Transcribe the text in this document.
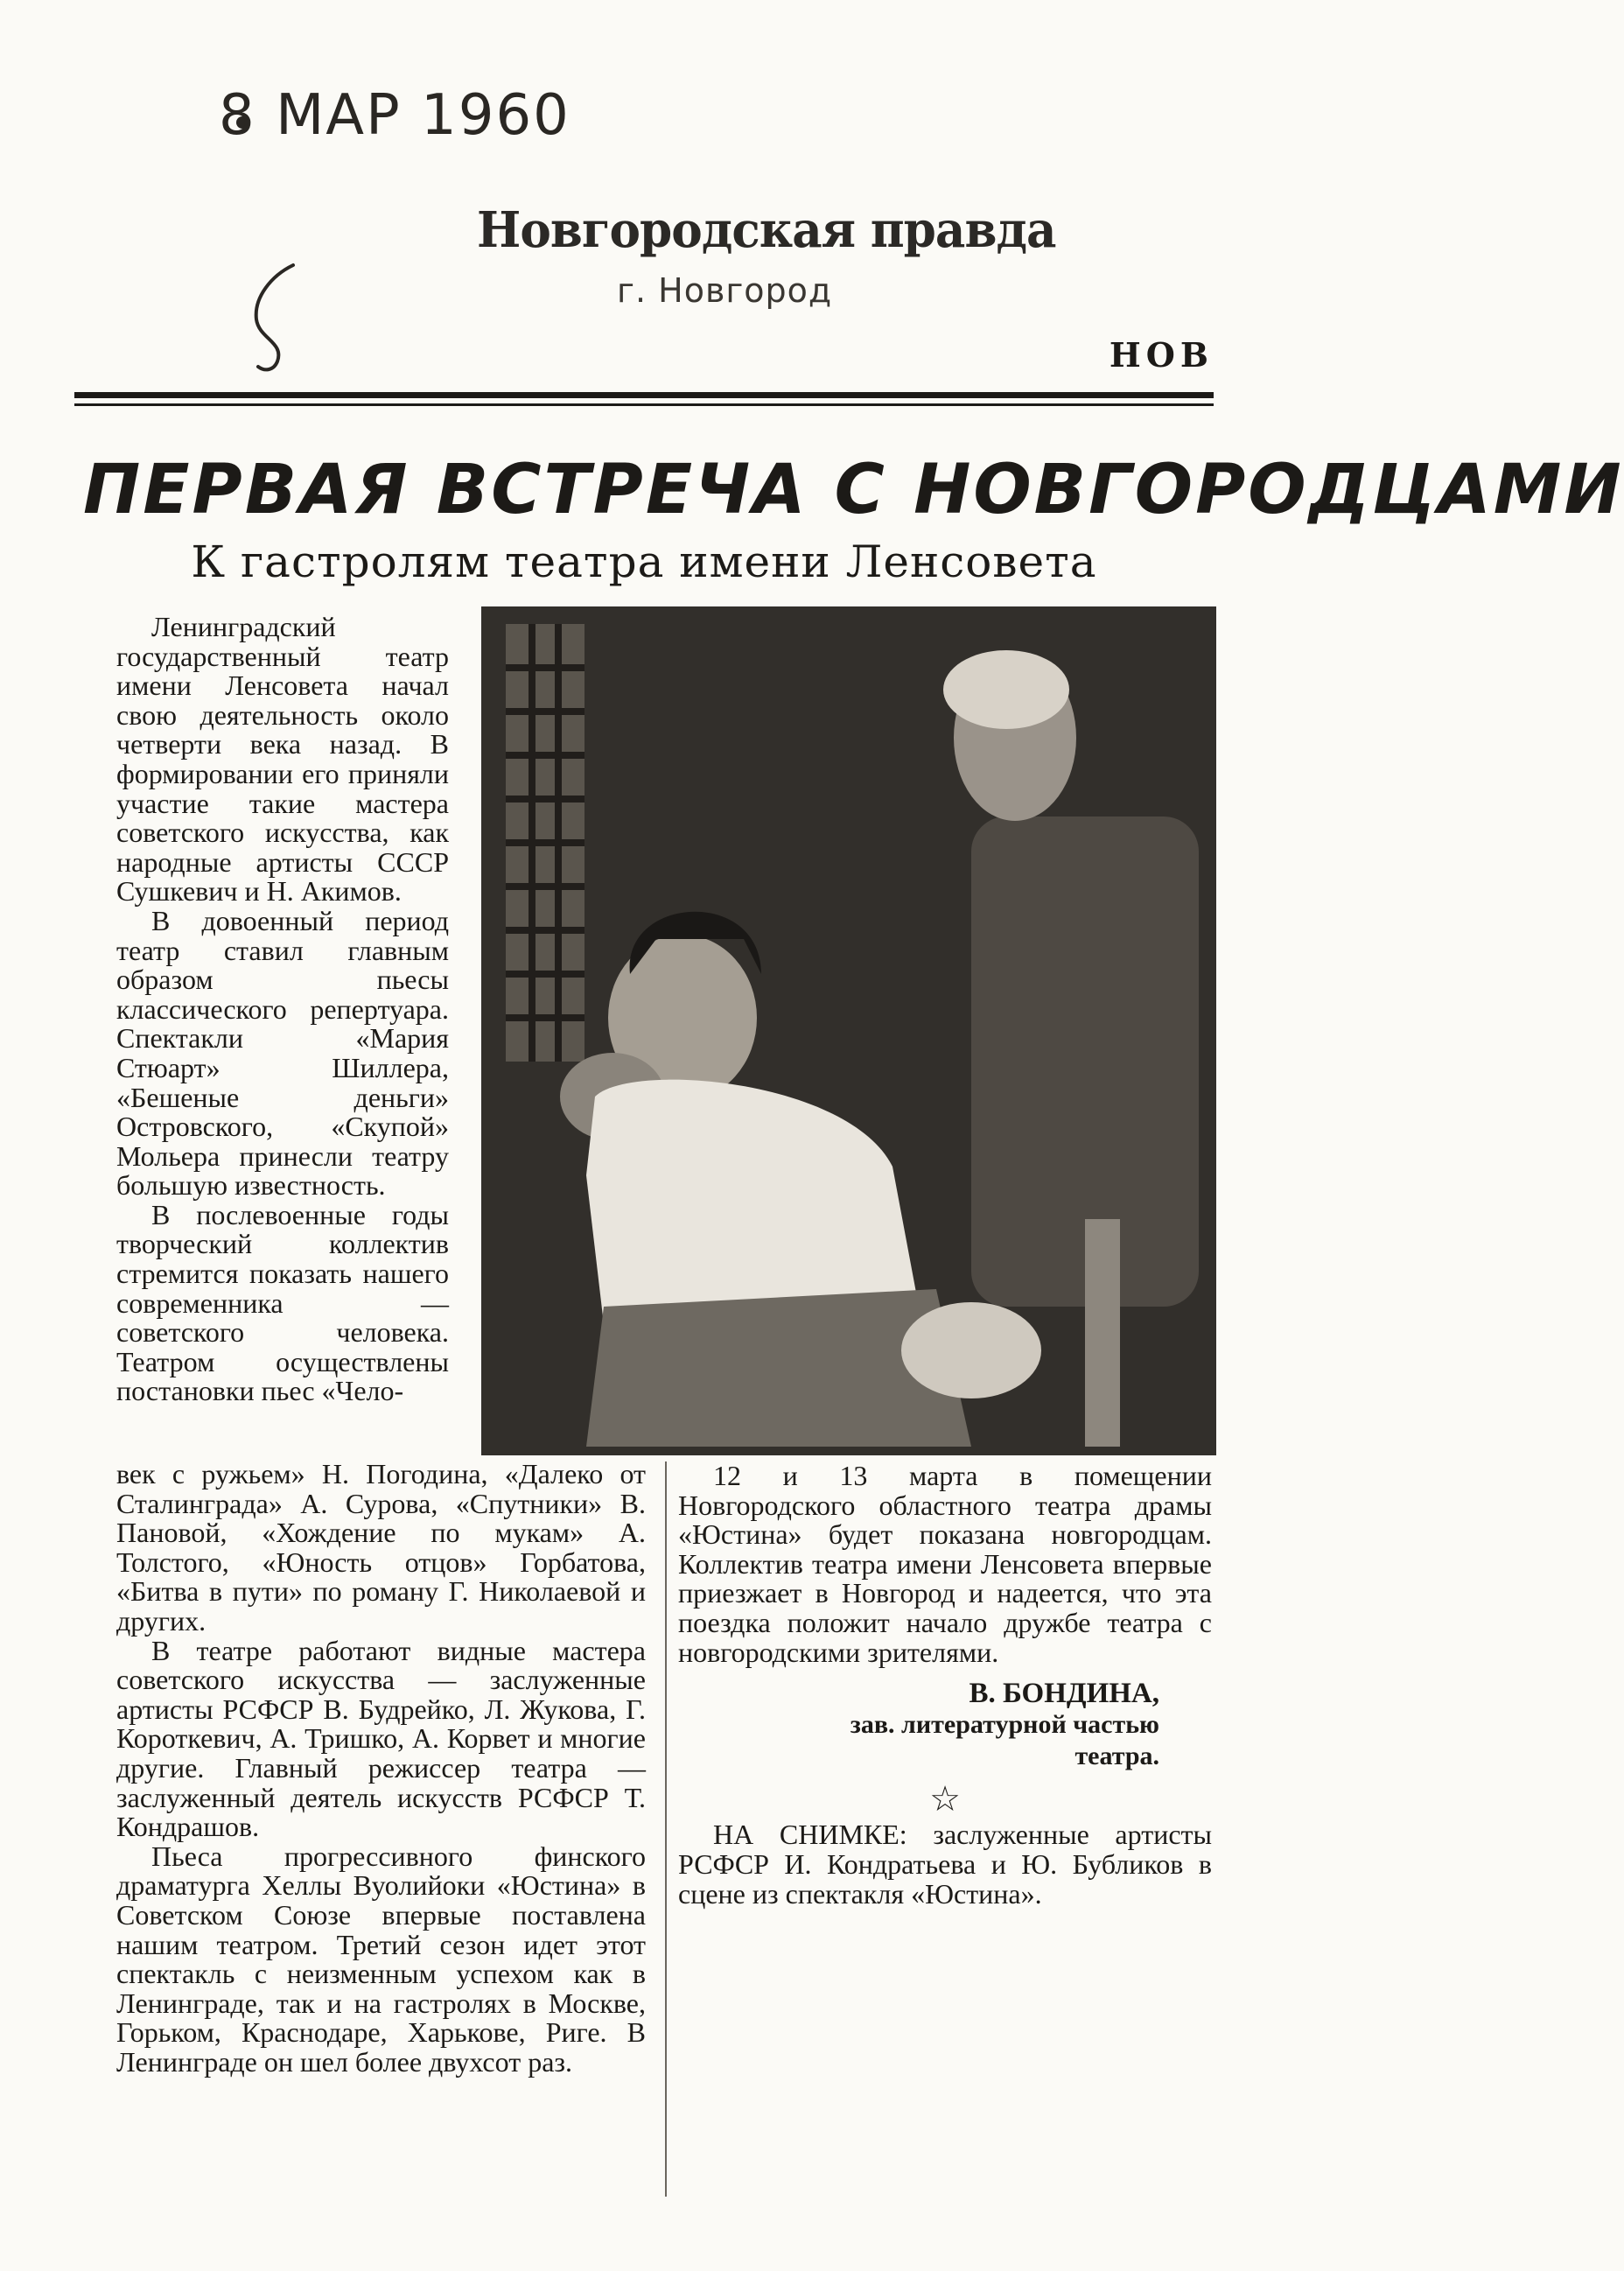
8 МАР 1960
Новгородская правда
г. Новгород
НОВ
ПЕРВАЯ ВСТРЕЧА С НОВГОРОДЦАМИ
К гастролям театра имени Ленсовета

Ленинградский государственный театр имени Ленсовета начал свою деятельность около четверти века назад. В формировании его приняли участие такие мастера советского искусства, как народные артисты СССР Сушкевич и Н. Акимов.

В довоенный период театр ставил главным образом пьесы классического репертуара. Спектакли «Мария Стюарт» Шиллера, «Бешеные деньги» Островского, «Скупой» Мольера принесли театру большую известность.

В послевоенные годы творческий коллектив стремится показать нашего современника — советского человека. Театром осуществлены постановки пьес «Чело-

век с ружьем» Н. Погодина, «Далеко от Сталинграда» А. Сурова, «Спутники» В. Пановой, «Хождение по мукам» А. Толстого, «Юность отцов» Горбатова, «Битва в пути» по роману Г. Николаевой и других.

В театре работают видные мастера советского искусства — заслуженные артисты РСФСР В. Будрейко, Л. Жукова, Г. Короткевич, А. Тришко, А. Корвет и многие другие. Главный режиссер театра — заслуженный деятель искусств РСФСР Т. Кондрашов.

Пьеса прогрессивного финского драматурга Хеллы Вуолийоки «Юстина» в Советском Союзе впервые поставлена нашим театром. Третий сезон идет этот спектакль с неизменным успехом как в Ленинграде, так и на гастролях в Москве, Горьком, Краснодаре, Харькове, Риге. В Ленинграде он шел более двухсот раз.

12 и 13 марта в помещении Новгородского областного театра драмы «Юстина» будет показана новгородцам. Коллектив театра имени Ленсовета впервые приезжает в Новгород и надеется, что эта поездка положит начало дружбе театра с новгородскими зрителями.

В. БОНДИНА,
зав. литературной частью
театра.
☆

НА СНИМКЕ: заслуженные артисты РСФСР И. Кондратьева и Ю. Бубликов в сцене из спектакля «Юстина».
